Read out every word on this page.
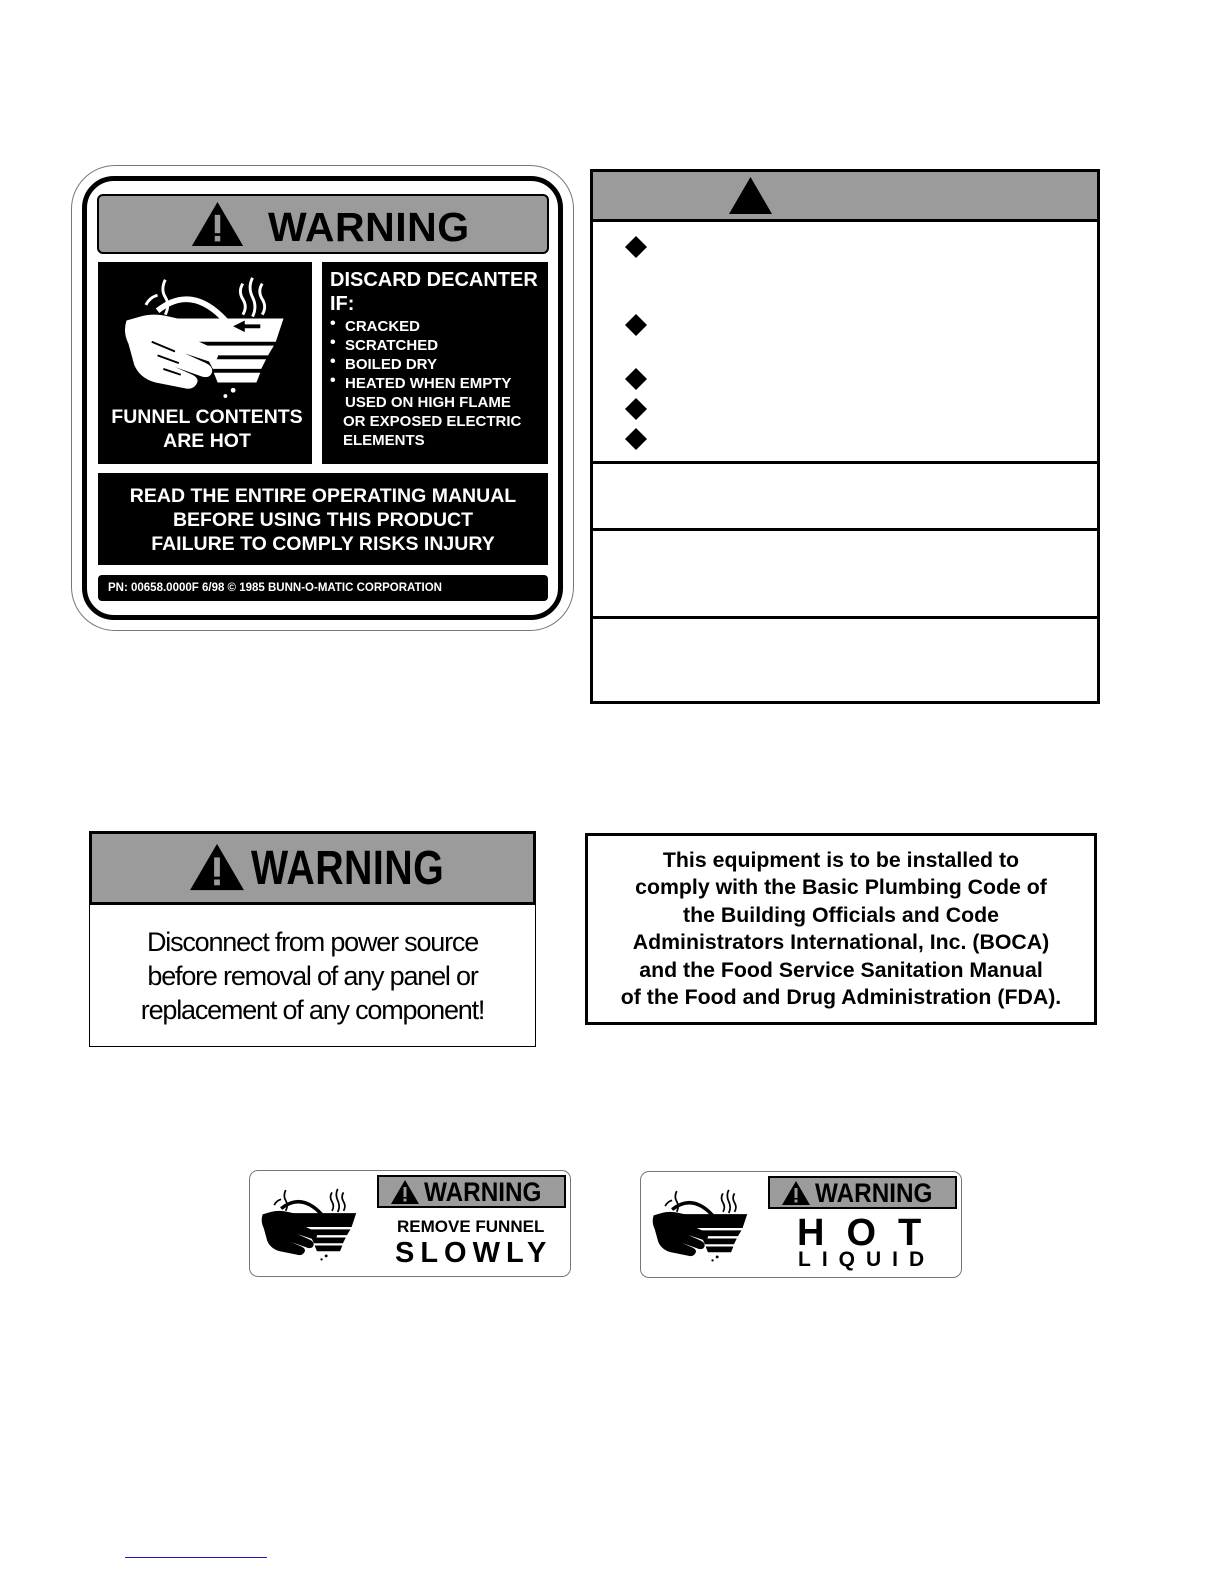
WARNING
FUNNEL CONTENTS
ARE HOT
DISCARD DECANTER
IF:
• CRACKED
• SCRATCHED
• BOILED DRY
• HEATED WHEN EMPTY
USED ON HIGH FLAME
OR EXPOSED ELECTRIC
ELEMENTS
READ THE ENTIRE OPERATING MANUAL
BEFORE USING THIS PRODUCT
FAILURE TO COMPLY RISKS INJURY
PN: 00658.0000F 6/98 © 1985 BUNN-O-MATIC CORPORATION
WARNING
Disconnect from power source
before removal of any panel or
replacement of any component!
This equipment is to be installed to
comply with the Basic Plumbing Code of
the Building Officials and Code
Administrators International, Inc. (BOCA)
and the Food Service Sanitation Manual
of the Food and Drug Administration (FDA).
WARNING
REMOVE FUNNEL
SLOWLY
WARNING
HOT
LIQUID
